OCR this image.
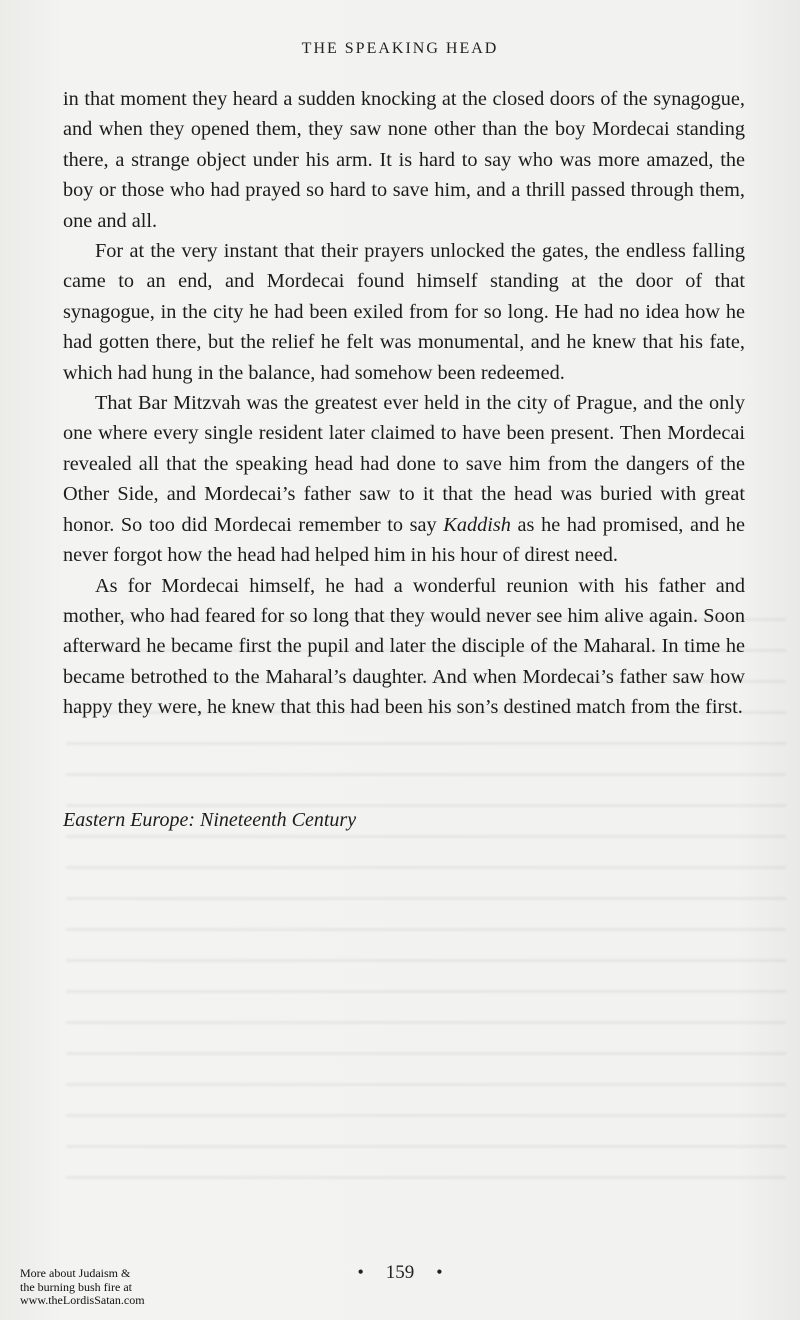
THE SPEAKING HEAD

in that moment they heard a sudden knocking at the closed doors of the synagogue, and when they opened them, they saw none other than the boy Mordecai standing there, a strange object under his arm. It is hard to say who was more amazed, the boy or those who had prayed so hard to save him, and a thrill passed through them, one and all.

For at the very instant that their prayers unlocked the gates, the endless falling came to an end, and Mordecai found himself standing at the door of that synagogue, in the city he had been exiled from for so long. He had no idea how he had gotten there, but the relief he felt was monumental, and he knew that his fate, which had hung in the balance, had somehow been redeemed.

That Bar Mitzvah was the greatest ever held in the city of Prague, and the only one where every single resident later claimed to have been present. Then Mordecai revealed all that the speaking head had done to save him from the dangers of the Other Side, and Mordecai’s father saw to it that the head was buried with great honor. So too did Mordecai remember to say Kaddish as he had promised, and he never forgot how the head had helped him in his hour of direst need.

As for Mordecai himself, he had a wonderful reunion with his father and mother, who had feared for so long that they would never see him alive again. Soon afterward he became first the pupil and later the disciple of the Maharal. In time he became betrothed to the Maharal’s daughter. And when Mordecai’s father saw how happy they were, he knew that this had been his son’s destined match from the first.

Eastern Europe: Nineteenth Century
• 159 •
More about Judaism &
the burning bush fire at
www.theLordisSatan.com
